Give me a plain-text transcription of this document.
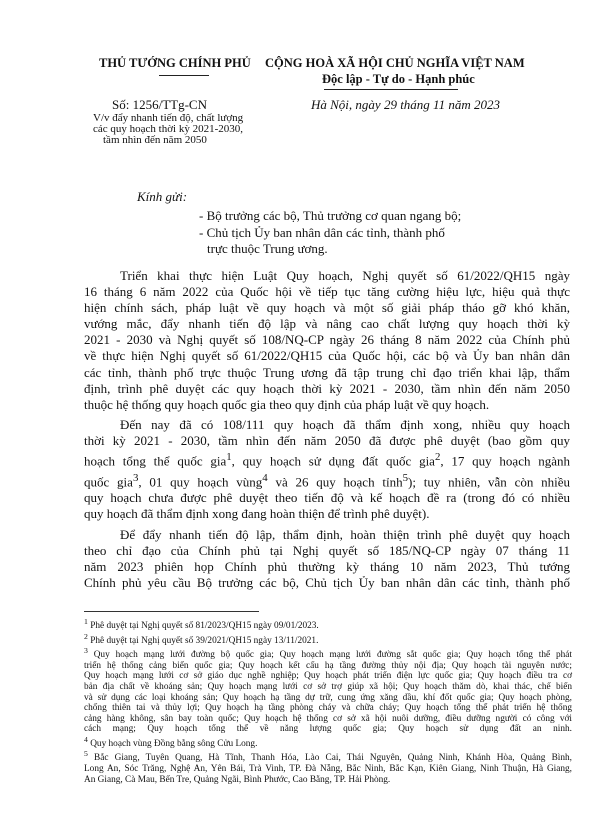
THỦ TƯỚNG CHÍNH PHỦ CỘNG HOÀ XÃ HỘI CHỦ NGHĨA VIỆT NAM
Độc lập - Tự do - Hạnh phúc
Số: 1256/TTg-CN
V/v đẩy nhanh tiến độ, chất lượng
các quy hoạch thời kỳ 2021-2030,
tầm nhìn đến năm 2050
Hà Nội, ngày 29 tháng 11 năm 2023
Kính gửi:
- Bộ trưởng các bộ, Thủ trưởng cơ quan ngang bộ;
- Chủ tịch Ủy ban nhân dân các tỉnh, thành phố
trực thuộc Trung ương.
Triển khai thực hiện Luật Quy hoạch, Nghị quyết số 61/2022/QH15 ngày
16 tháng 6 năm 2022 của Quốc hội về tiếp tục tăng cường hiệu lực, hiệu quả thực
hiện chính sách, pháp luật về quy hoạch và một số giải pháp tháo gỡ khó khăn,
vướng mắc, đẩy nhanh tiến độ lập và nâng cao chất lượng quy hoạch thời kỳ
2021 - 2030 và Nghị quyết số 108/NQ-CP ngày 26 tháng 8 năm 2022 của Chính phủ
về thực hiện Nghị quyết số 61/2022/QH15 của Quốc hội, các bộ và Ủy ban nhân dân
các tỉnh, thành phố trực thuộc Trung ương đã tập trung chỉ đạo triển khai lập, thẩm
định, trình phê duyệt các quy hoạch thời kỳ 2021 - 2030, tầm nhìn đến năm 2050
thuộc hệ thống quy hoạch quốc gia theo quy định của pháp luật về quy hoạch.
Đến nay đã có 108/111 quy hoạch đã thẩm định xong, nhiều quy hoạch
thời kỳ 2021 - 2030, tầm nhìn đến năm 2050 đã được phê duyệt (bao gồm quy
hoạch tổng thể quốc gia$^1$, quy hoạch sử dụng đất quốc gia$^2$, 17 quy hoạch ngành
quốc gia$^3$, 01 quy hoạch vùng$^4$ và 26 quy hoạch tỉnh$^5$); tuy nhiên, vẫn còn nhiều
quy hoạch chưa được phê duyệt theo tiến độ và kế hoạch đề ra (trong đó có nhiều
quy hoạch đã thẩm định xong đang hoàn thiện để trình phê duyệt).
Để đẩy nhanh tiến độ lập, thẩm định, hoàn thiện trình phê duyệt quy hoạch
theo chỉ đạo của Chính phủ tại Nghị quyết số 185/NQ-CP ngày 07 tháng 11
năm 2023 phiên họp Chính phủ thường kỳ tháng 10 năm 2023, Thủ tướng
Chính phủ yêu cầu Bộ trưởng các bộ, Chủ tịch Ủy ban nhân dân các tỉnh, thành phố
$^1$ Phê duyệt tại Nghị quyết số 81/2023/QH15 ngày 09/01/2023.
$^2$ Phê duyệt tại Nghị quyết số 39/2021/QH15 ngày 13/11/2021.
$^3$ Quy hoạch mạng lưới đường bộ quốc gia; Quy hoạch mạng lưới đường sắt quốc gia; Quy hoạch tổng thể phát
triển hệ thống cảng biển quốc gia; Quy hoạch kết cấu hạ tầng đường thủy nội địa; Quy hoạch tài nguyên nước;
Quy hoạch mạng lưới cơ sở giáo dục nghề nghiệp; Quy hoạch phát triển điện lực quốc gia; Quy hoạch điều tra cơ
bản địa chất về khoáng sản; Quy hoạch mạng lưới cơ sở trợ giúp xã hội; Quy hoạch thăm dò, khai thác, chế biến
và sử dụng các loại khoáng sản; Quy hoạch hạ tầng dự trữ, cung ứng xăng dầu, khí đốt quốc gia; Quy hoạch phòng,
chống thiên tai và thủy lợi; Quy hoạch hạ tầng phòng cháy và chữa cháy; Quy hoạch tổng thể phát triển hệ thống
cảng hàng không, sân bay toàn quốc; Quy hoạch hệ thống cơ sở xã hội nuôi dưỡng, điều dưỡng người có công với
cách mạng; Quy hoạch tổng thể về năng lượng quốc gia; Quy hoạch sử dụng đất an ninh.
$^4$ Quy hoạch vùng Đồng bằng sông Cửu Long.
$^5$ Bắc Giang, Tuyên Quang, Hà Tĩnh, Thanh Hóa, Lào Cai, Thái Nguyên, Quảng Ninh, Khánh Hòa, Quảng Bình,
Long An, Sóc Trăng, Nghệ An, Yên Bái, Trà Vinh, TP. Đà Nẵng, Bắc Ninh, Bắc Kạn, Kiên Giang, Ninh Thuận, Hà Giang,
An Giang, Cà Mau, Bến Tre, Quảng Ngãi, Bình Phước, Cao Bằng, TP. Hải Phòng.
